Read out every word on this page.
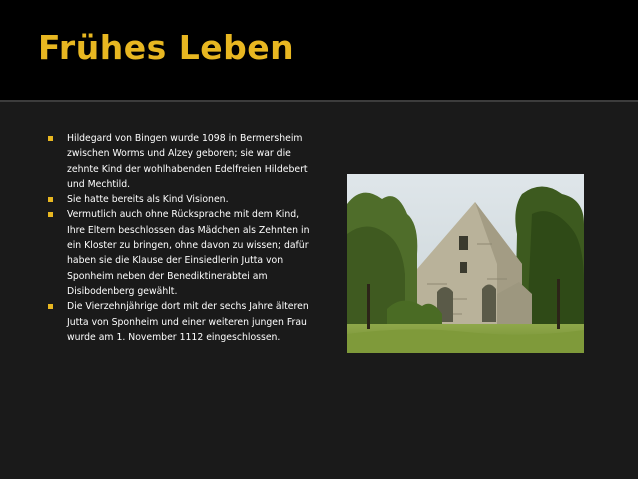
Frühes Leben
Hildegard von Bingen wurde 1098 in Bermersheim zwischen Worms und Alzey geboren; sie war die zehnte Kind der wohlhabenden Edelfreien Hildebert und Mechtild.
Sie hatte bereits als Kind Visionen.
Vermutlich auch ohne Rücksprache mit dem Kind, Ihre Eltern beschlossen das Mädchen als Zehnten in ein Kloster zu bringen, ohne davon zu wissen; dafür haben sie die Klause der Einsiedlerin Jutta von Sponheim neben der Benediktinerabtei am Disibodenberg gewählt.
Die Vierzehnjährige dort mit der sechs Jahre älteren Jutta von Sponheim und einer weiteren jungen Frau wurde am 1. November 1112 eingeschlossen.
